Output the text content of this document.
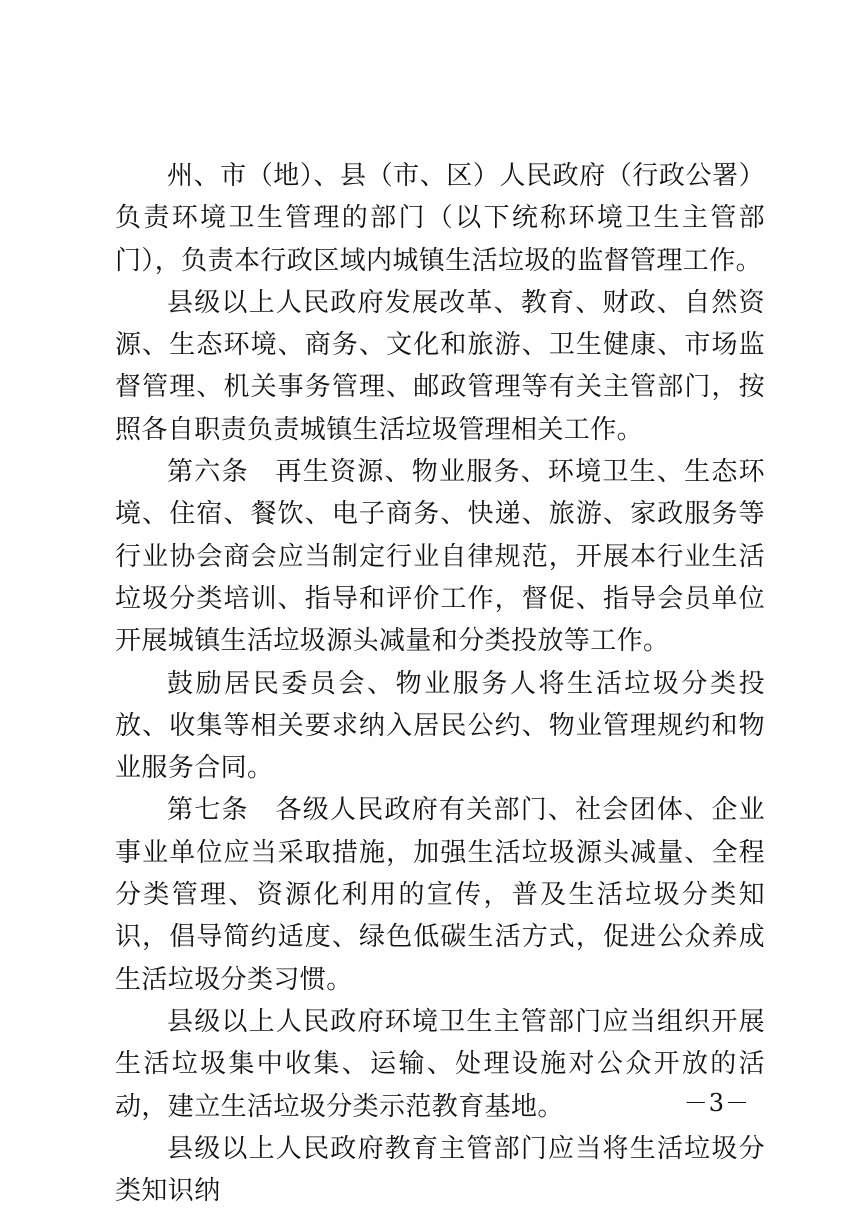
州、市（地）、县（市、区）人民政府（行政公署）负责环境卫生管理的部门（以下统称环境卫生主管部门），负责本行政区域内城镇生活垃圾的监督管理工作。

县级以上人民政府发展改革、教育、财政、自然资源、生态环境、商务、文化和旅游、卫生健康、市场监督管理、机关事务管理、邮政管理等有关主管部门，按照各自职责负责城镇生活垃圾管理相关工作。

第六条 再生资源、物业服务、环境卫生、生态环境、住宿、餐饮、电子商务、快递、旅游、家政服务等行业协会商会应当制定行业自律规范，开展本行业生活垃圾分类培训、指导和评价工作，督促、指导会员单位开展城镇生活垃圾源头减量和分类投放等工作。

鼓励居民委员会、物业服务人将生活垃圾分类投放、收集等相关要求纳入居民公约、物业管理规约和物业服务合同。

第七条 各级人民政府有关部门、社会团体、企业事业单位应当采取措施，加强生活垃圾源头减量、全程分类管理、资源化利用的宣传，普及生活垃圾分类知识，倡导简约适度、绿色低碳生活方式，促进公众养成生活垃圾分类习惯。

县级以上人民政府环境卫生主管部门应当组织开展生活垃圾集中收集、运输、处理设施对公众开放的活动，建立生活垃圾分类示范教育基地。

县级以上人民政府教育主管部门应当将生活垃圾分类知识纳

－3－
